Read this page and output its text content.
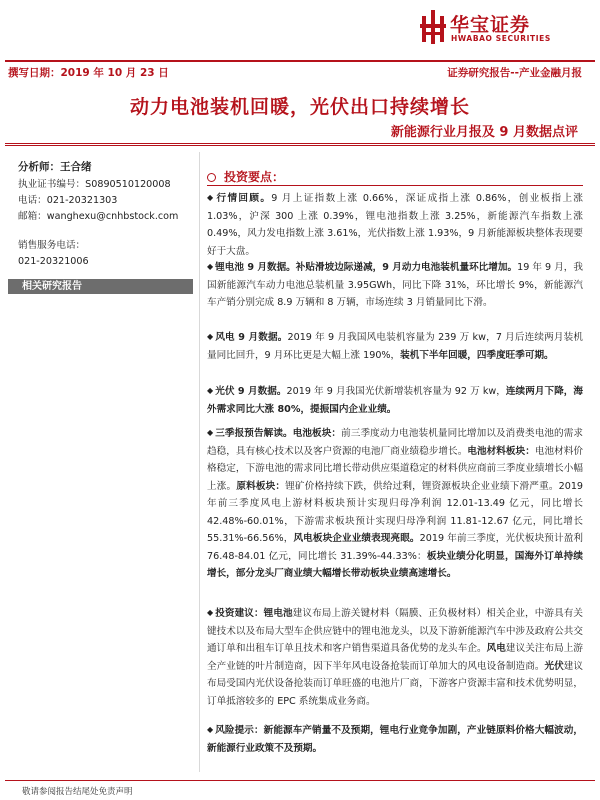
华宝证券
HWABAO SECURITIES
撰写日期：2019 年 10 月 23 日	证券研究报告--产业金融月报
动力电池装机回暖，光伏出口持续增长
新能源行业月报及 9 月数据点评
分析师：王合绪
执业证书编号：S0890510120008
电话：021-20321303
邮箱：wanghexu@cnhbstock.com
销售服务电话：
021-20321006
相关研究报告
投资要点：
◆ 行情回顾。9 月上证指数上涨 0.66%，深证成指上涨 0.86%，创业板指上涨 1.03%，沪深 300 上涨 0.39%，锂电池指数上涨 3.25%，新能源汽车指数上涨 0.49%，风力发电指数上涨 3.61%，光伏指数上涨 1.93%，9 月新能源板块整体表现要好于大盘。
◆ 锂电池 9 月数据。补贴滑坡边际递减，9 月动力电池装机量环比增加。19 年 9 月，我国新能源汽车动力电池总装机量 3.95GWh，同比下降 31%，环比增长 9%，新能源汽车产销分别完成 8.9 万辆和 8 万辆，市场连续 3 月销量同比下滑。
◆ 风电 9 月数据。2019 年 9 月我国风电装机容量为 239 万 kw，7 月后连续两月装机量同比回升，9 月环比更是大幅上涨 190%，装机下半年回暖，四季度旺季可期。
◆ 光伏 9 月数据。2019 年 9 月我国光伏新增装机容量为 92 万 kw，连续两月下降，海外需求同比大涨 80%，提振国内企业业绩。
◆ 三季报预告解读。电池板块：前三季度动力电池装机量同比增加以及消费类电池的需求趋稳，具有核心技术以及客户资源的电池厂商业绩稳步增长。电池材料板块：电池材料价格稳定，下游电池的需求同比增长带动供应渠道稳定的材料供应商前三季度业绩增长小幅上涨。原料板块：锂矿价格持续下跌，供给过剩，锂资源板块企业业绩下滑严重。2019 年前三季度风电上游材料板块预计实现归母净利润 12.01-13.49 亿元，同比增长 42.48%-60.01%，下游需求板块预计实现归母净利润 11.81-12.67 亿元，同比增长 55.31%-66.56%，风电板块企业业绩表现亮眼。2019 年前三季度，光伏板块预计盈利 76.48-84.01 亿元，同比增长 31.39%-44.33%：板块业绩分化明显，国海外订单持续增长，部分龙头厂商业绩大幅增长带动板块业绩高速增长。
◆ 投资建议：锂电池建议布局上游关键材料（隔膜、正负极材料）相关企业，中游具有关键技术以及布局大型车企供应链中的锂电池龙头，以及下游新能源汽车中涉及政府公共交通订单和出租车订单且技术和客户销售渠道具备优势的龙头车企。风电建议关注布局上游全产业链的叶片制造商，因下半年风电设备抢装而订单加大的风电设备制造商。光伏建议布局受国内光伏设备抢装而订单旺盛的电池片厂商，下游客户资源丰富和技术优势明显，订单抵溶较多的 EPC 系统集成业务商。
◆ 风险提示：新能源车产销量不及预期，锂电行业竞争加剧，产业链原料价格大幅波动，新能源行业政策不及预期。
敬请参阅报告结尾处免责声明
